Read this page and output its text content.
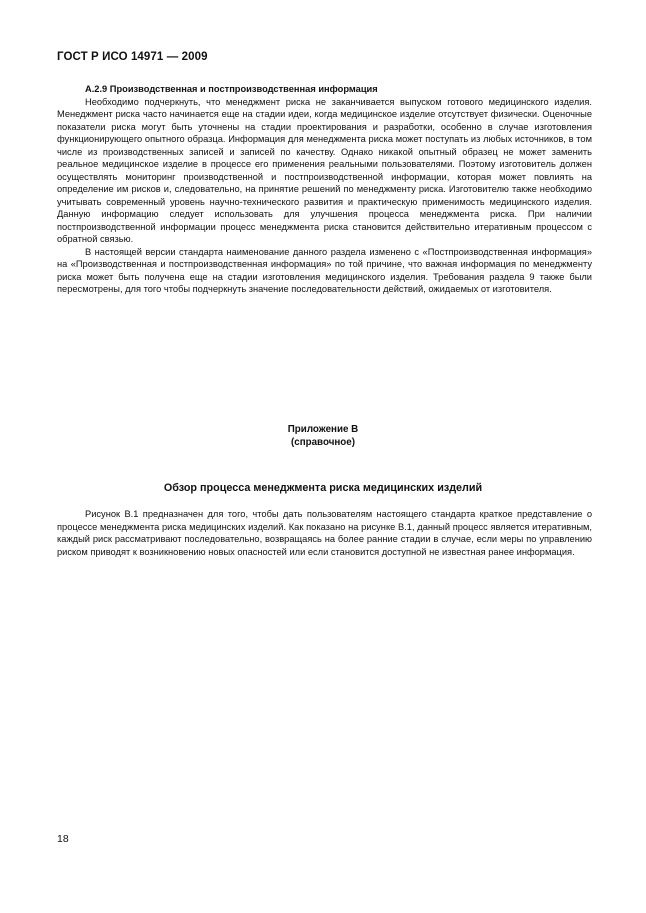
ГОСТ Р ИСО 14971 — 2009

А.2.9 Производственная и постпроизводственная информация

Необходимо подчеркнуть, что менеджмент риска не заканчивается выпуском готового медицинского изделия. Менеджмент риска часто начинается еще на стадии идеи, когда медицинское изделие отсутствует физически. Оценочные показатели риска могут быть уточнены на стадии проектирования и разработки, особенно в случае изготовления функционирующего опытного образца. Информация для менеджмента риска может поступать из любых источников, в том числе из производственных записей и записей по качеству. Однако никакой опытный образец не может заменить реальное медицинское изделие в процессе его применения реальными пользователями. Поэтому изготовитель должен осуществлять мониторинг производственной и постпроизводственной информации, которая может повлиять на определение им рисков и, следовательно, на принятие решений по менеджменту риска. Изготовителю также необходимо учитывать современный уровень научно-технического развития и практическую применимость медицинского изделия. Данную информацию следует использовать для улучшения процесса менеджмента риска. При наличии постпроизводственной информации процесс менеджмента риска становится действительно итеративным процессом с обратной связью.

В настоящей версии стандарта наименование данного раздела изменено с «Постпроизводственная информация» на «Производственная и постпроизводственная информация» по той причине, что важная информация по менеджменту риска может быть получена еще на стадии изготовления медицинского изделия. Требования раздела 9 также были пересмотрены, для того чтобы подчеркнуть значение последовательности действий, ожидаемых от изготовителя.

Приложение В
(справочное)
Обзор процесса менеджмента риска медицинских изделий

Рисунок В.1 предназначен для того, чтобы дать пользователям настоящего стандарта краткое представление о процессе менеджмента риска медицинских изделий. Как показано на рисунке В.1, данный процесс является итеративным, каждый риск рассматривают последовательно, возвращаясь на более ранние стадии в случае, если меры по управлению риском приводят к возникновению новых опасностей или если становится доступной не известная ранее информация.

18
